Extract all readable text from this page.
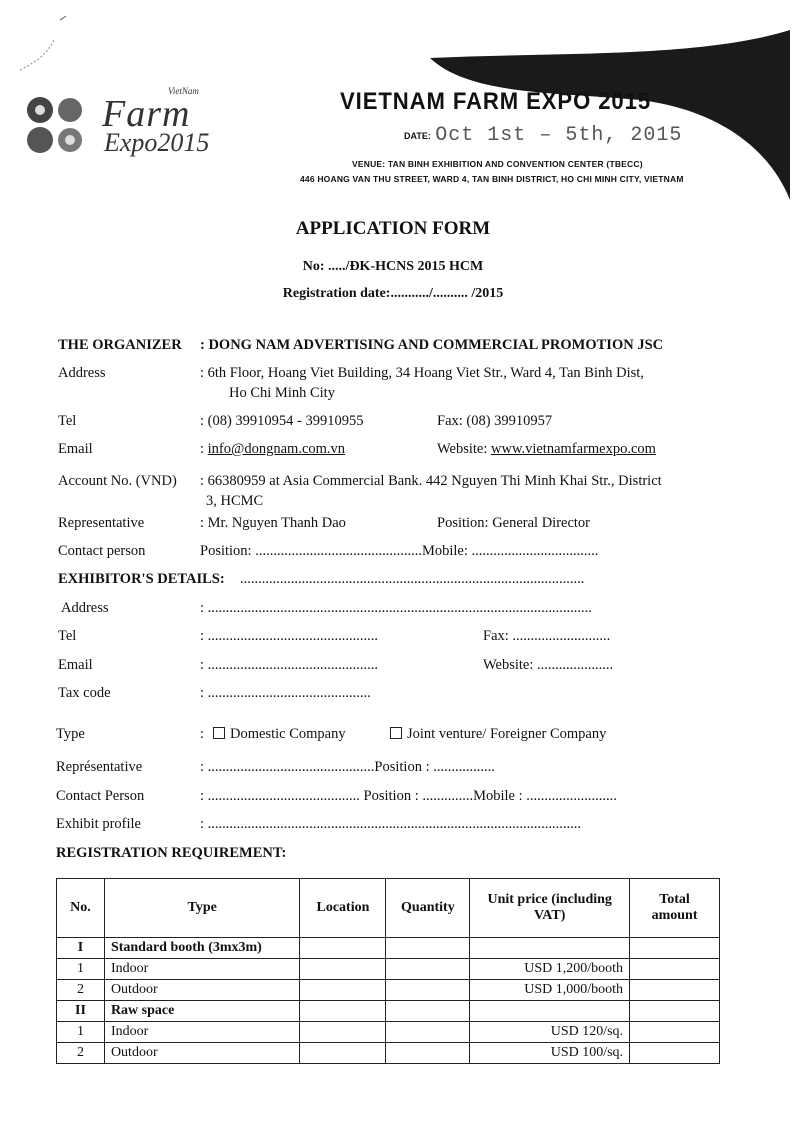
VietNam
Farm
Expo2015
VIETNAM FARM EXPO 2015
DATE: Oct 1st – 5th, 2015
VENUE: TAN BINH EXHIBITION AND CONVENTION CENTER (TBECC)
446 HOANG VAN THU STREET, WARD 4, TAN BINH DISTRICT, HO CHI MINH CITY, VIETNAM
APPLICATION FORM
No: ...../ĐK-HCNS 2015 HCM
Registration date:.........../.......... /2015
THE ORGANIZER : DONG NAM ADVERTISING AND COMMERCIAL PROMOTION JSC
Address	: 6th Floor, Hoang Viet Building, 34 Hoang Viet Str., Ward 4, Tan Binh Dist,
Ho Chi Minh City
Tel	: (08) 39910954 - 39910955	Fax: (08) 39910957
Email	: info@dongnam.com.vn	Website: www.vietnamfarmexpo.com
Account No. (VND) : 66380959 at Asia Commercial Bank. 442 Nguyen Thi Minh Khai Str., District
3, HCMC
Representative	: Mr. Nguyen Thanh Dao	Position: General Director
Contact person	Position: ..............................................Mobile: ...................................
EXHIBITOR'S DETAILS: ...............................................................................................
Address	: ..........................................................................................................
Tel	: ...............................................	Fax: ...........................
Email	: ...............................................	Website: .....................
Tax code	: .............................................
Type	:	Domestic Company	Joint venture/ Foreigner Company
Représentative	: ..............................................Position : .................
Contact Person	: .......................................... Position : ..............Mobile : .........................
Exhibit profile	: .......................................................................................................
REGISTRATION REQUIREMENT:
No.	Type	Location	Quantity	Unit price (including VAT)	Total amount
I	Standard booth (3mx3m)				
1	Indoor			USD 1,200/booth	
2	Outdoor			USD 1,000/booth	
II	Raw space				
1	Indoor			USD 120/sq.	
2	Outdoor			USD 100/sq.	
